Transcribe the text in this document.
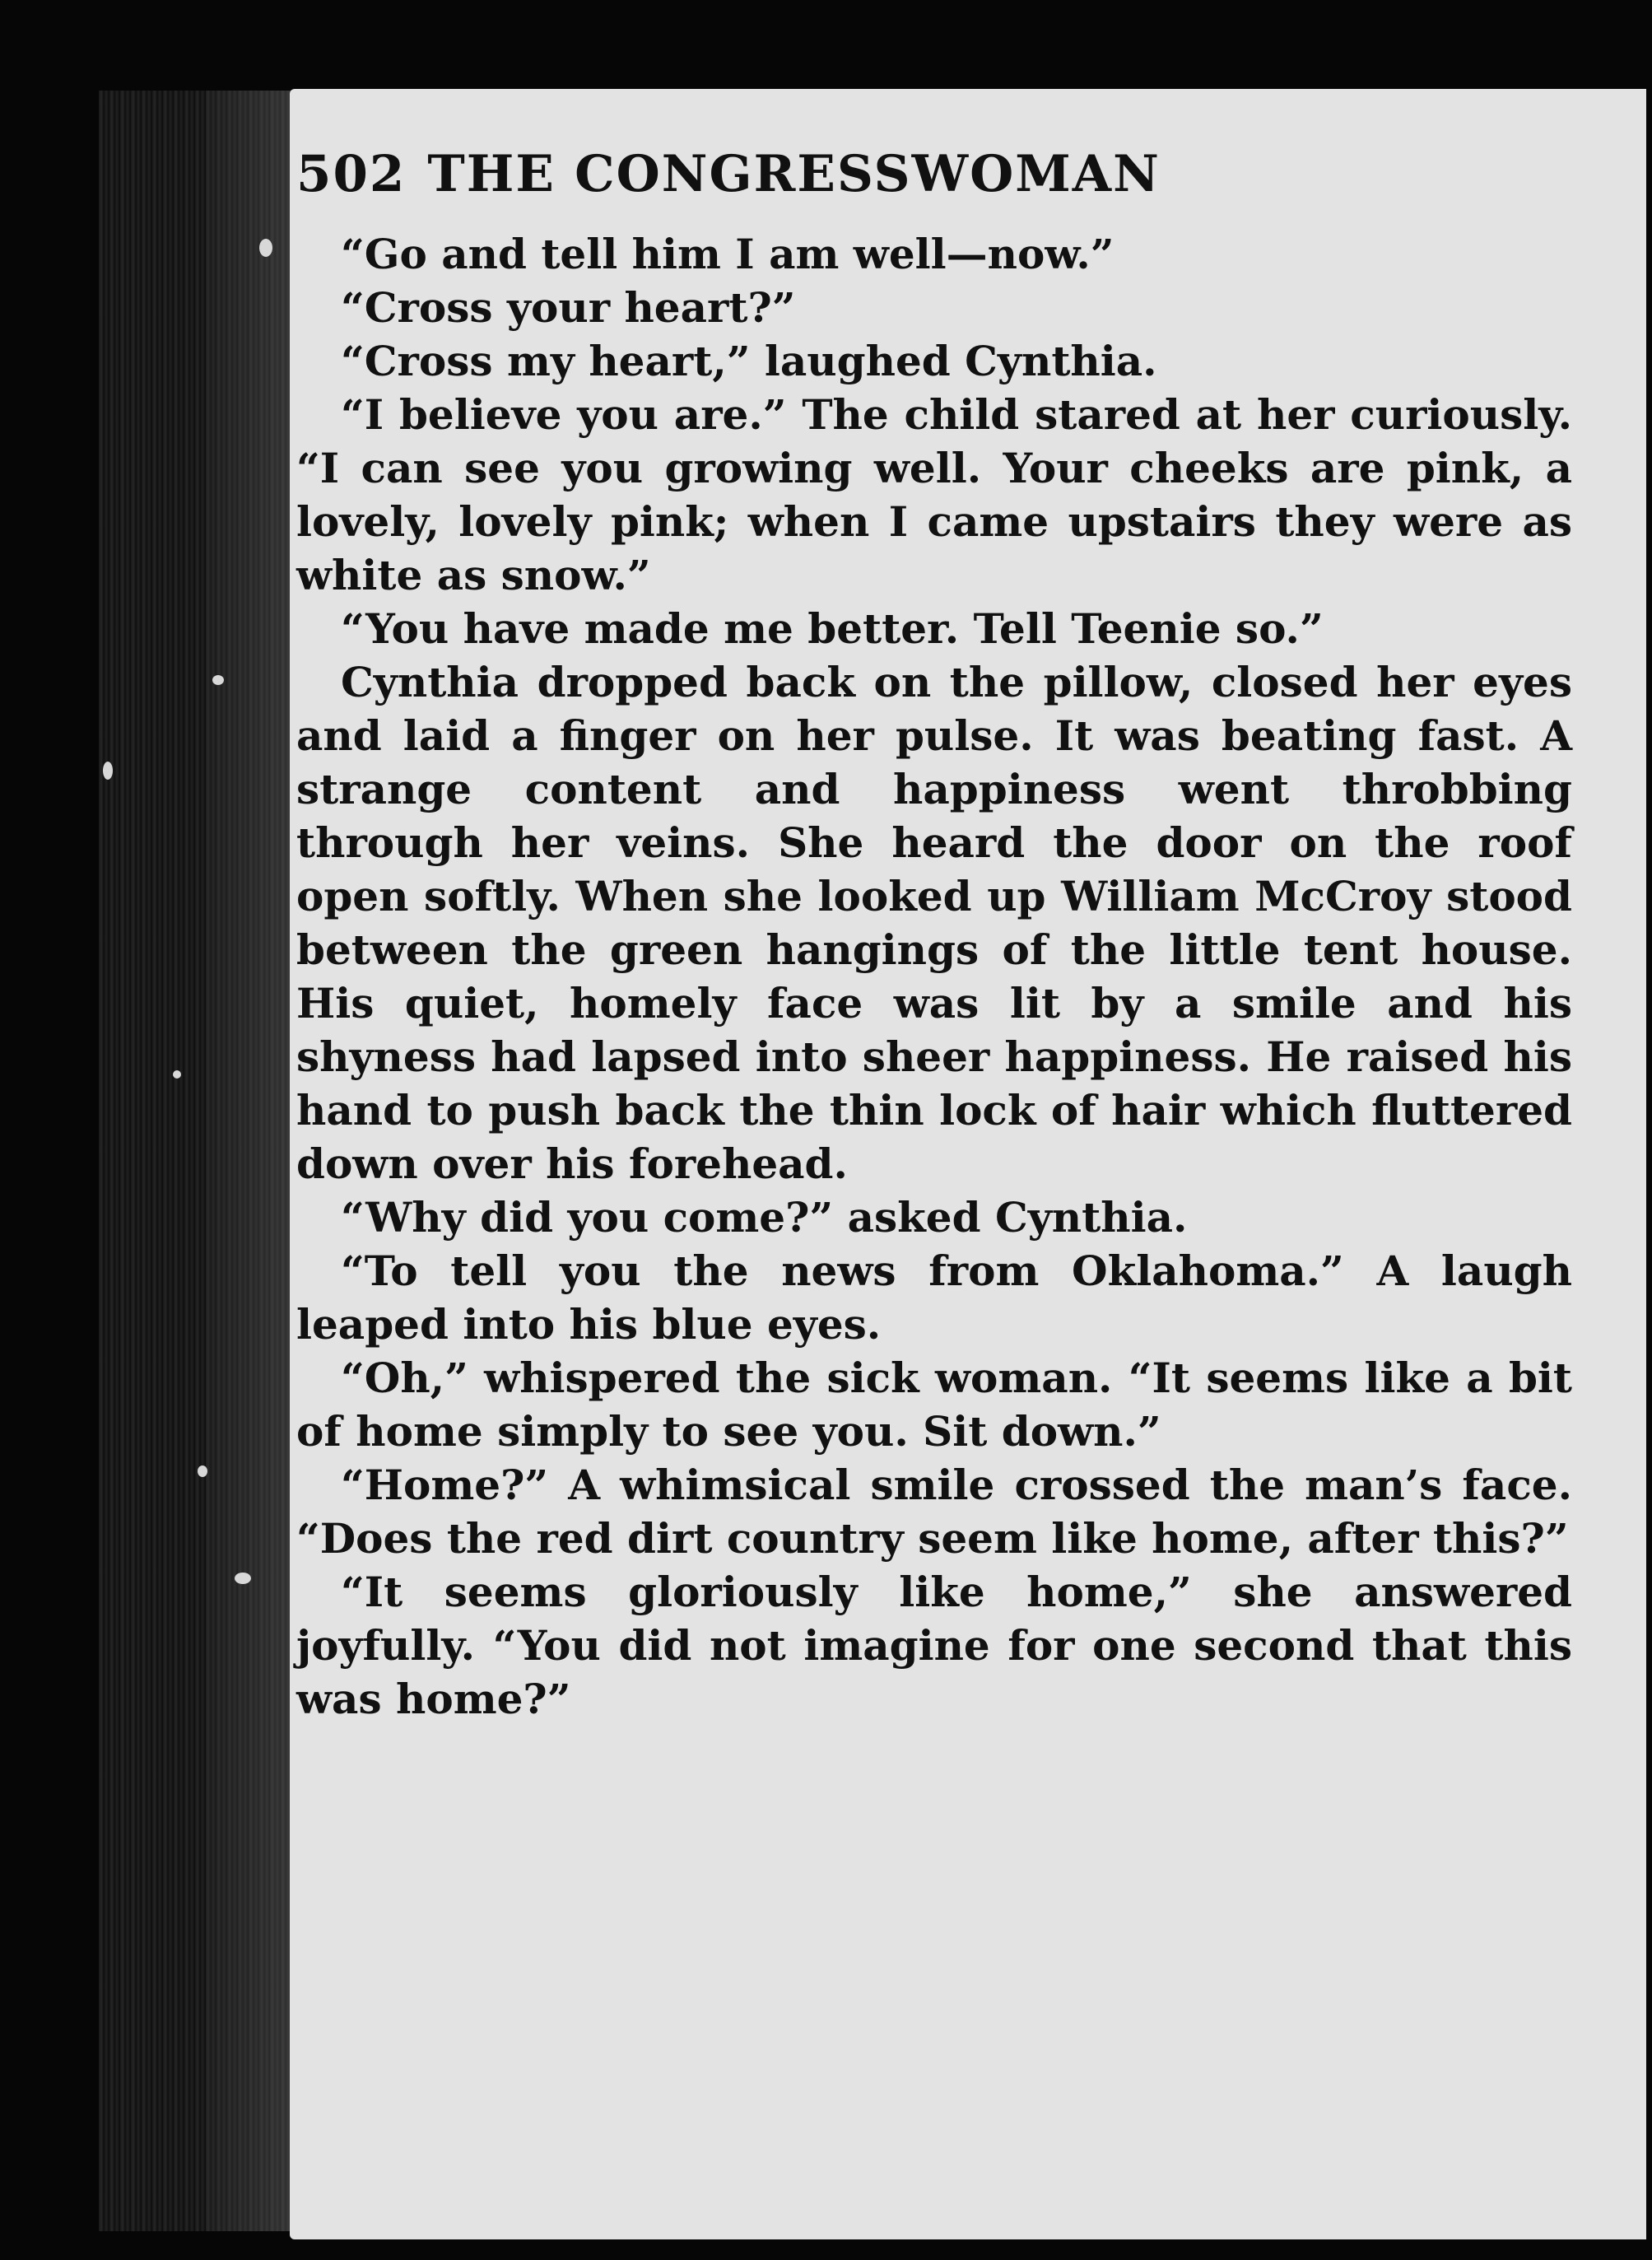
502 THE CONGRESSWOMAN

“Go and tell him I am well—now.”

“Cross your heart?”

“Cross my heart,” laughed Cynthia.

“I believe you are.” The child stared at her curiously. “I can see you growing well. Your cheeks are pink, a lovely, lovely pink; when I came upstairs they were as white as snow.”

“You have made me better. Tell Teenie so.”

Cynthia dropped back on the pillow, closed her eyes and laid a finger on her pulse. It was beating fast. A strange content and happiness went throbbing through her veins. She heard the door on the roof open softly. When she looked up William McCroy stood between the green hangings of the little tent house. His quiet, homely face was lit by a smile and his shyness had lapsed into sheer happiness. He raised his hand to push back the thin lock of hair which fluttered down over his forehead.

“Why did you come?” asked Cynthia.

“To tell you the news from Oklahoma.” A laugh leaped into his blue eyes.

“Oh,” whispered the sick woman. “It seems like a bit of home simply to see you. Sit down.”

“Home?” A whimsical smile crossed the man’s face. “Does the red dirt country seem like home, after this?”

“It seems gloriously like home,” she answered joyfully. “You did not imagine for one second that this was home?”
